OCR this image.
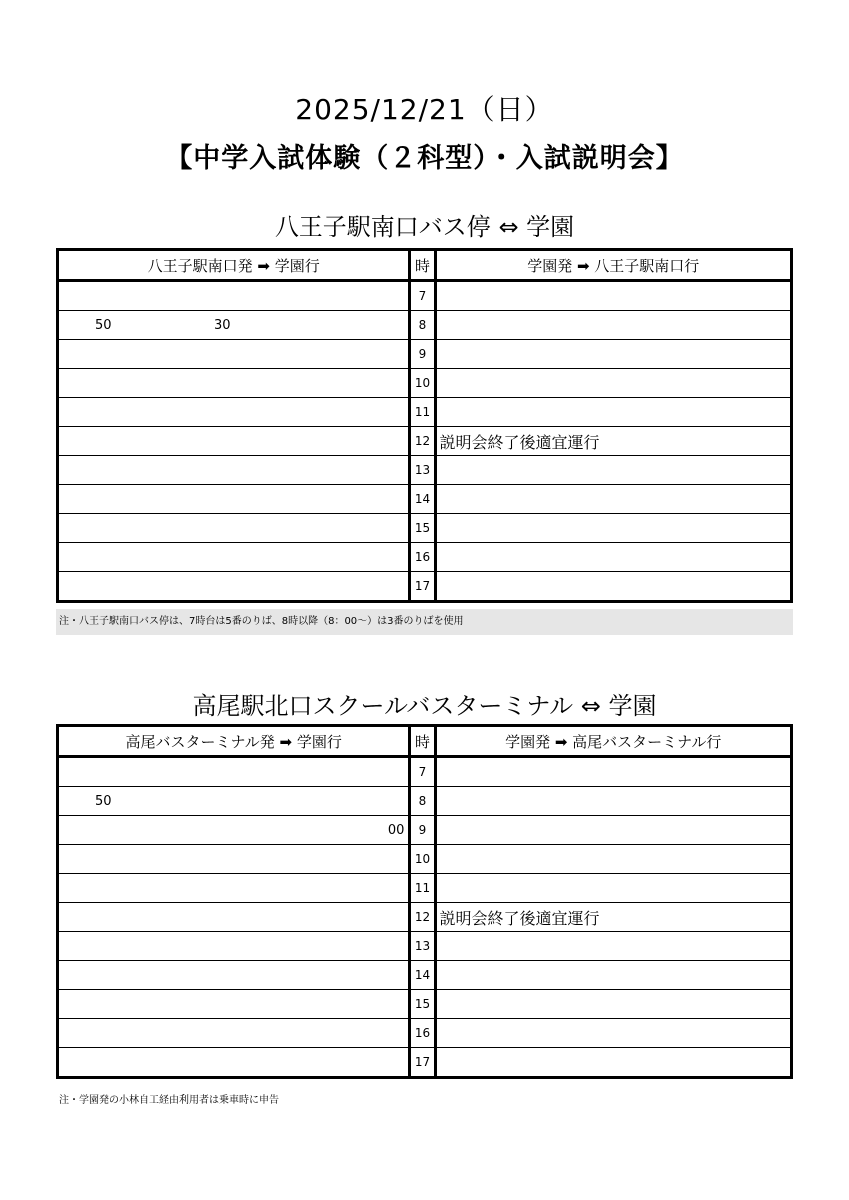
2025/12/21（日）
【中学入試体験（２科型）・入試説明会】
八王子駅南口バス停 ⇔ 学園
八王子駅南口発 ➡ 学園行	時	学園発 ➡ 八王子駅南口行
	7	

50 30	8	
	9	
	10	
	11	
	12	説明会終了後適宜運行
	13	
	14	
	15	
	16	
	17	
注・八王子駅南口バス停は、7時台は5番のりば、8時以降（8：00～）は3番のりばを使用
高尾駅北口スクールバスターミナル ⇔ 学園
高尾バスターミナル発 ➡ 学園行	時	学園発 ➡ 高尾バスターミナル行
	7	

50	8	

00	9	
	10	
	11	
	12	説明会終了後適宜運行
	13	
	14	
	15	
	16	
	17	
注・学園発の小林自工経由利用者は乗車時に申告
